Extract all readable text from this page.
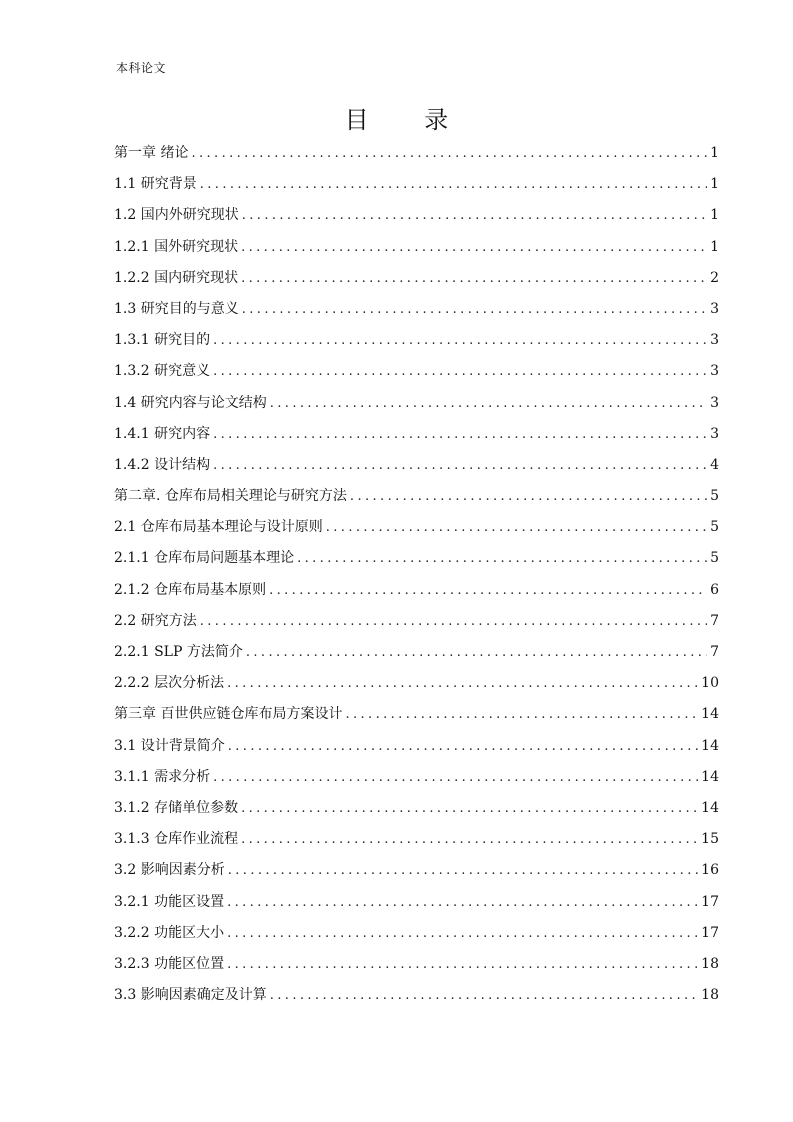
本科论文
目 录
第一章 绪论 .....	1
1.1 研究背景 .....	1
1.2 国内外研究现状 .....	1
1.2.1 国外研究现状 .....	1
1.2.2 国内研究现状 .....	2
1.3 研究目的与意义 .....	3
1.3.1 研究目的 .....	3
1.3.2 研究意义 .....	3
1.4 研究内容与论文结构 .....	3
1.4.1 研究内容 .....	3
1.4.2 设计结构 .....	4
第二章. 仓库布局相关理论与研究方法 .....	5
2.1 仓库布局基本理论与设计原则 .....	5
2.1.1 仓库布局问题基本理论 .....	5
2.1.2 仓库布局基本原则 .....	6
2.2 研究方法 .....	7
2.2.1 SLP 方法简介 .....	7
2.2.2 层次分析法 .....	10
第三章 百世供应链仓库布局方案设计 .....	14
3.1 设计背景简介 .....	14
3.1.1 需求分析 .....	14
3.1.2 存储单位参数 .....	14
3.1.3 仓库作业流程 .....	15
3.2 影响因素分析 .....	16
3.2.1 功能区设置 .....	17
3.2.2 功能区大小 .....	17
3.2.3 功能区位置 .....	18
3.3 影响因素确定及计算 .....	18
